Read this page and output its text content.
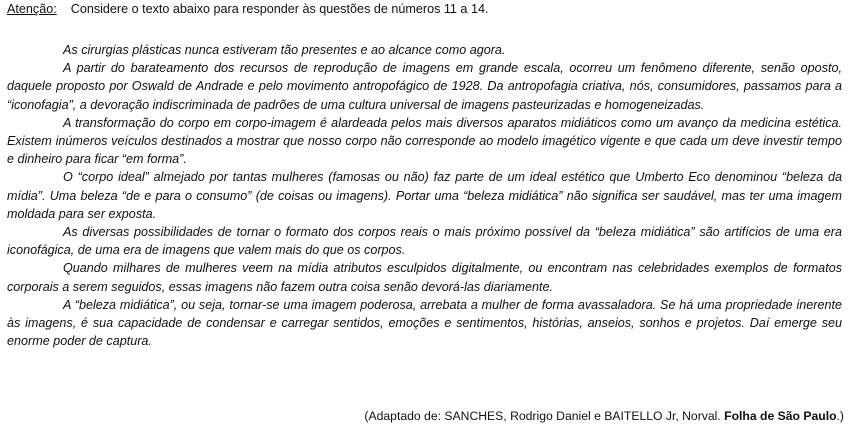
Atenção: Considere o texto abaixo para responder às questões de números 11 a 14.

As cirurgias plásticas nunca estiveram tão presentes e ao alcance como agora.

A partir do barateamento dos recursos de reprodução de imagens em grande escala, ocorreu um fenômeno diferente, senão oposto, daquele proposto por Oswald de Andrade e pelo movimento antropofágico de 1928. Da antropofagia criativa, nós, consumidores, passamos para a “iconofagia”, a devoração indiscriminada de padrões de uma cultura universal de imagens pasteurizadas e homogeneizadas.

A transformação do corpo em corpo-imagem é alardeada pelos mais diversos aparatos midiáticos como um avanço da medicina estética. Existem inúmeros veículos destinados a mostrar que nosso corpo não corresponde ao modelo imagético vigente e que cada um deve investir tempo e dinheiro para ficar “em forma”.

O “corpo ideal” almejado por tantas mulheres (famosas ou não) faz parte de um ideal estético que Umberto Eco denominou “beleza da mídia”. Uma beleza “de e para o consumo” (de coisas ou imagens). Portar uma “beleza midiática” não significa ser saudável, mas ter uma imagem moldada para ser exposta.

As diversas possibilidades de tornar o formato dos corpos reais o mais próximo possível da “beleza midiática” são artifícios de uma era iconofágica, de uma era de imagens que valem mais do que os corpos.

Quando milhares de mulheres veem na mídia atributos esculpidos digitalmente, ou encontram nas celebridades exemplos de formatos corporais a serem seguidos, essas imagens não fazem outra coisa senão devorá-las diariamente.

A “beleza midiática”, ou seja, tornar-se uma imagem poderosa, arrebata a mulher de forma avassaladora. Se há uma propriedade inerente às imagens, é sua capacidade de condensar e carregar sentidos, emoções e sentimentos, histórias, anseios, sonhos e projetos. Daí emerge seu enorme poder de captura.

(Adaptado de: SANCHES, Rodrigo Daniel e BAITELLO Jr, Norval. Folha de São Paulo.)
